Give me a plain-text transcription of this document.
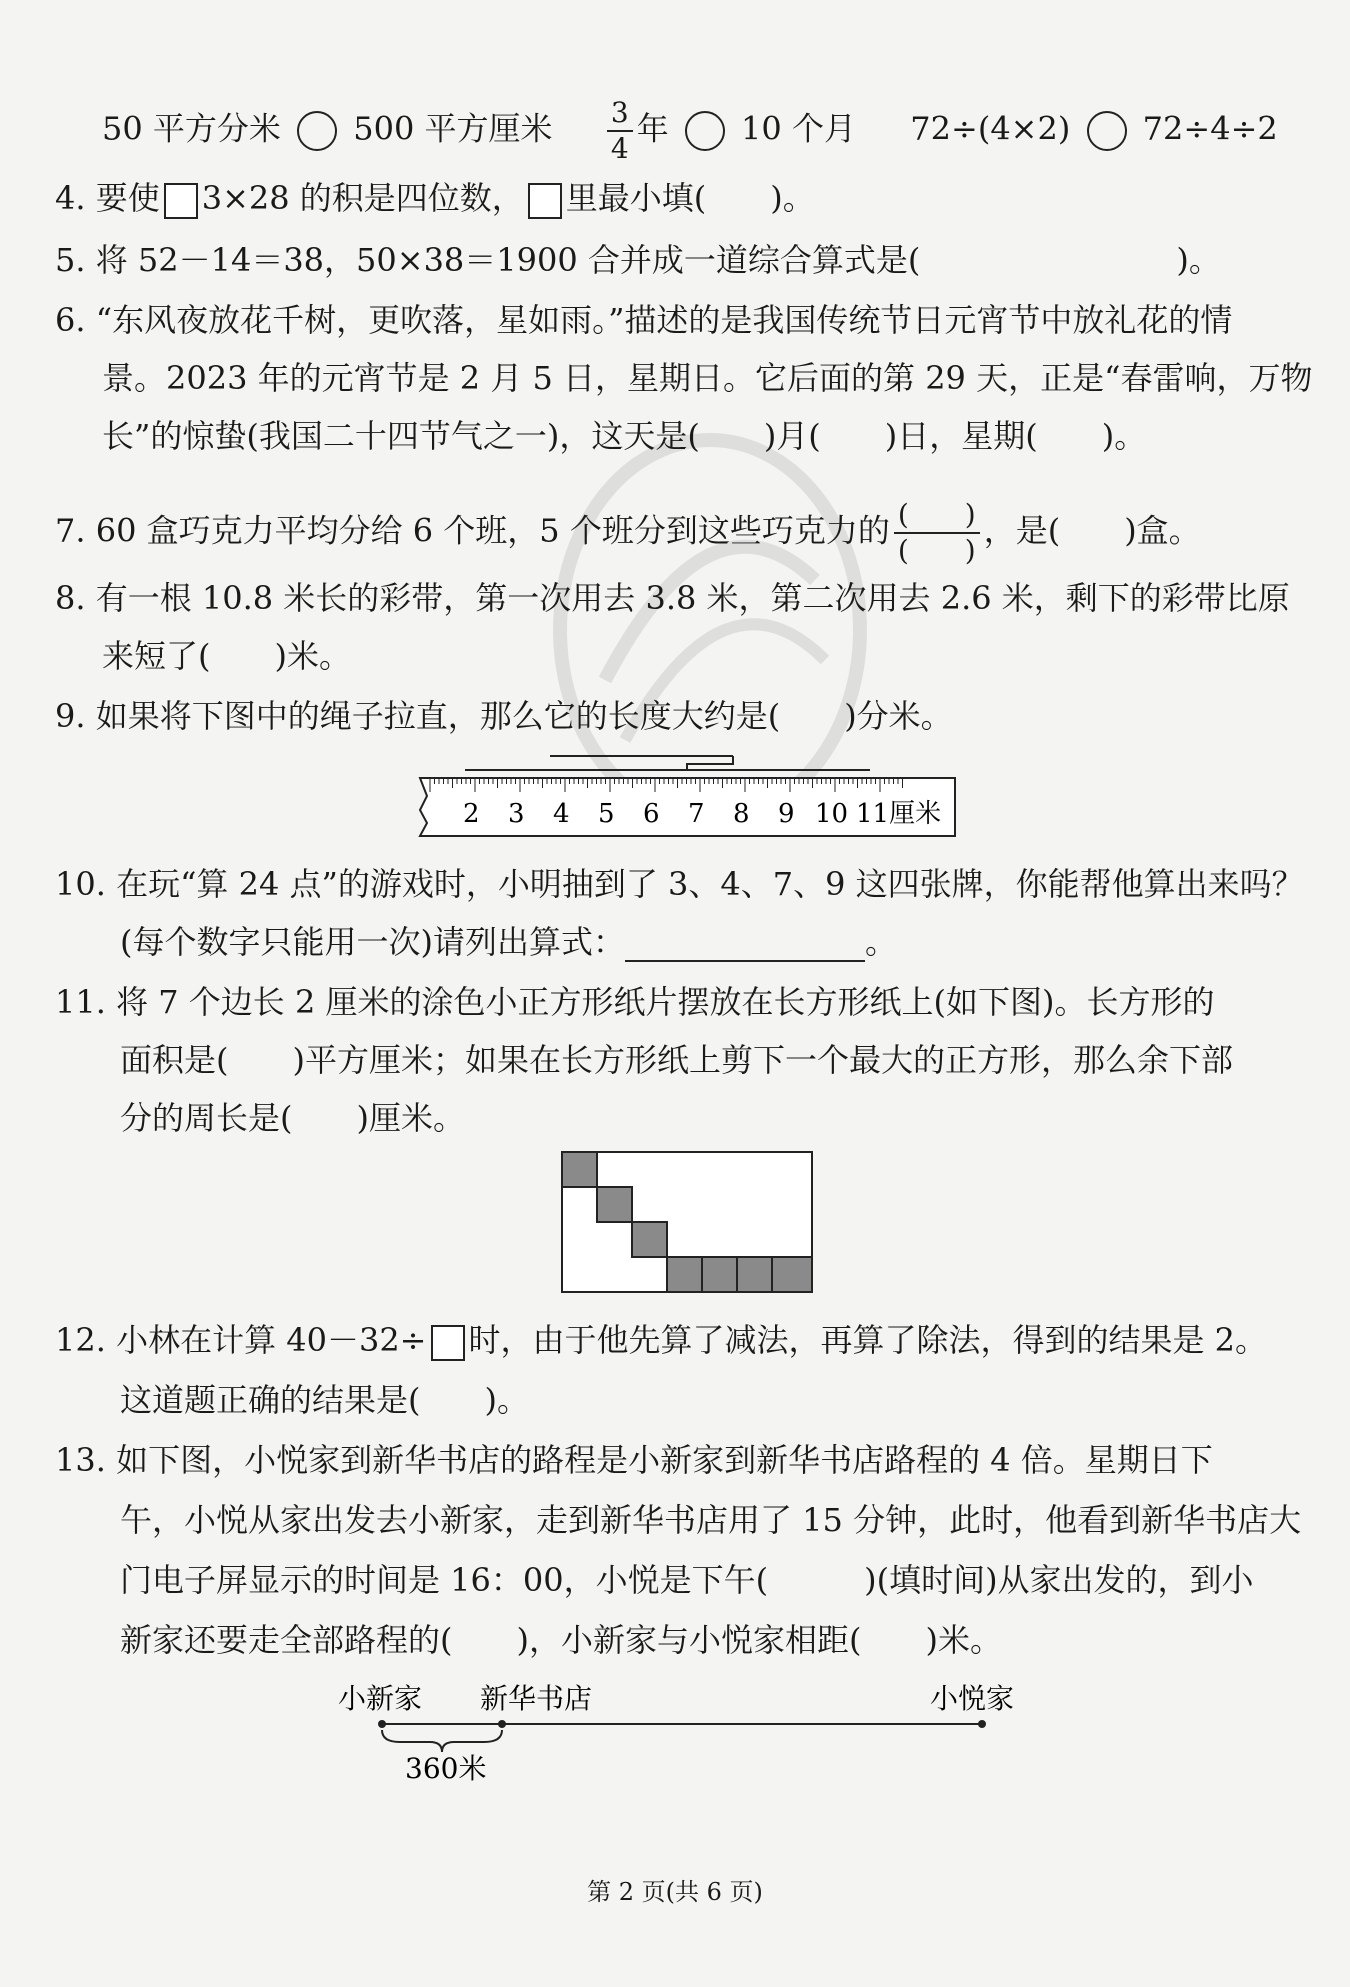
50 平方分米 500 平方厘米 $\frac{3}{4}$ 年 10 个月 72÷(4×2) 72÷4÷2
4. 要使 3×28 的积是四位数， 里最小填(　　)。
5. 将 52－14＝38，50×38＝1900 合并成一道综合算式是(　　　　　　　　)。
6. “东风夜放花千树，更吹落，星如雨。”描述的是我国传统节日元宵节中放礼花的情
景。2023 年的元宵节是 2 月 5 日，星期日。它后面的第 29 天，正是“春雷响，万物
长”的惊蛰(我国二十四节气之一)，这天是(　　)月(　　)日，星期(　　)。
7. 60 盒巧克力平均分给 6 个班，5 个班分到这些巧克力的 $\frac{( )}{( )}$ ，是(　　)盒。
8. 有一根 10.8 米长的彩带，第一次用去 3.8 米，第二次用去 2.6 米，剩下的彩带比原
来短了(　　)米。
9. 如果将下图中的绳子拉直，那么它的长度大约是(　　)分米。
2 3 4 5 6 7 8 9 10 11厘米
10. 在玩“算 24 点”的游戏时，小明抽到了 3、4、7、9 这四张牌，你能帮他算出来吗？
(每个数字只能用一次)请列出算式：	。
11. 将 7 个边长 2 厘米的涂色小正方形纸片摆放在长方形纸上(如下图)。长方形的
面积是(　　)平方厘米；如果在长方形纸上剪下一个最大的正方形，那么余下部
分的周长是(　　)厘米。
12. 小林在计算 40－32÷ 时，由于他先算了减法，再算了除法，得到的结果是 2。
这道题正确的结果是(　　)。
13. 如下图，小悦家到新华书店的路程是小新家到新华书店路程的 4 倍。星期日下
午，小悦从家出发去小新家，走到新华书店用了 15 分钟，此时，他看到新华书店大
门电子屏显示的时间是 16：00，小悦是下午(　　　)(填时间)从家出发的，到小
新家还要走全部路程的(　　)，小新家与小悦家相距(　　)米。
小新家 新华书店	小悦家
360米
第 2 页(共 6 页)
